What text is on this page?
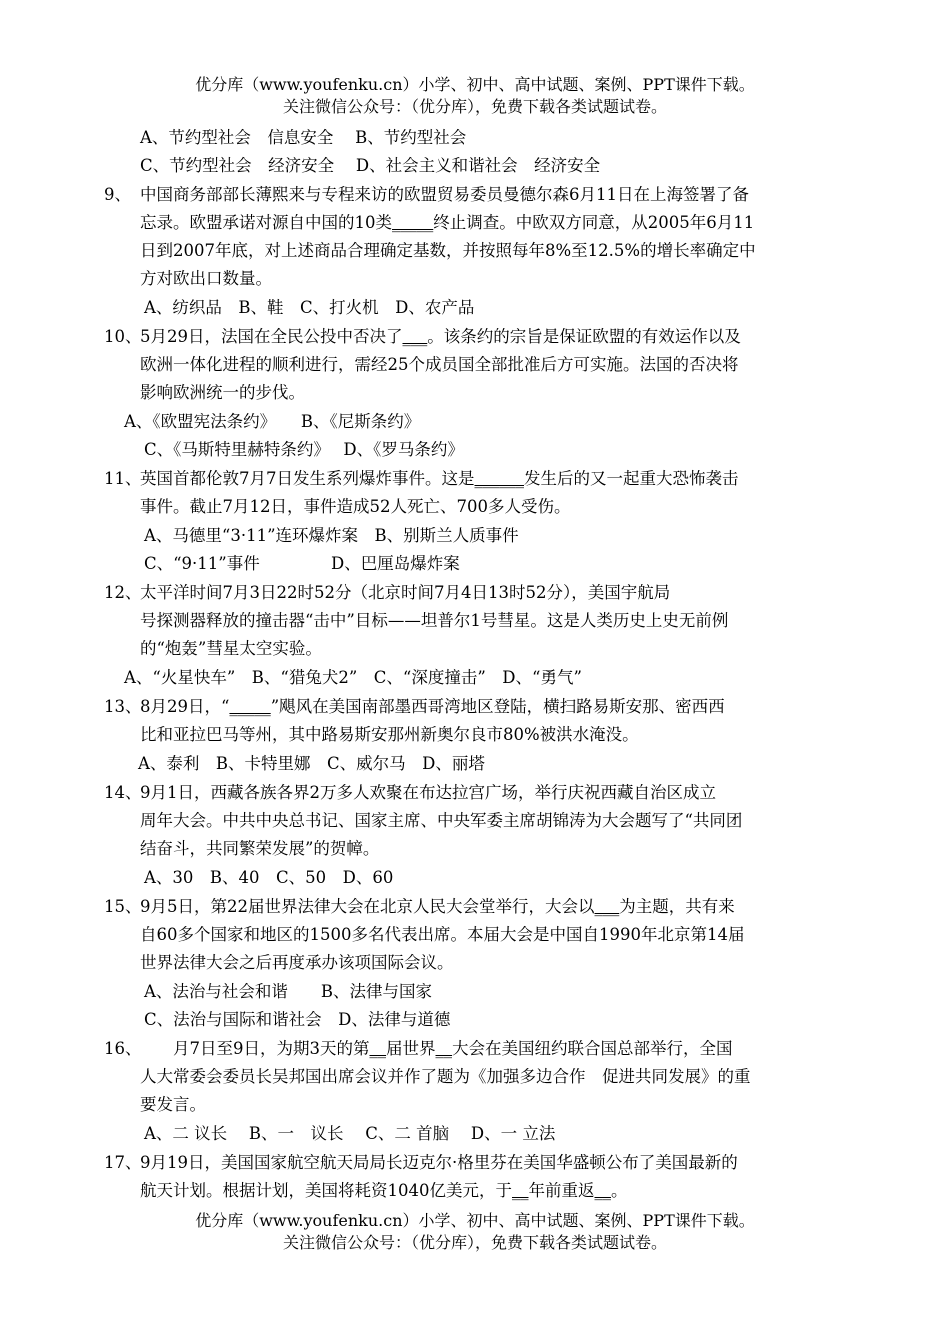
优分库（www.youfenku.cn）小学、初中、高中试题、案例、PPT课件下载。
关注微信公众号：（优分库），免费下载各类试题试卷。
A、节约型社会　信息安全　 B、节约型社会
C、节约型社会　经济安全　 D、社会主义和谐社会　经济安全
9、 中国商务部部长薄熙来与专程来访的欧盟贸易委员曼德尔森6月11日在上海签署了备
忘录。欧盟承诺对源自中国的10类_____终止调查。中欧双方同意，从2005年6月11
日到2007年底，对上述商品合理确定基数，并按照每年8%至12.5%的增长率确定中
方对欧出口数量。
A、纺织品　B、鞋　C、打火机　D、农产品
10、
5月29日，法国在全民公投中否决了___。该条约的宗旨是保证欧盟的有效运作以及
欧洲一体化进程的顺利进行，需经25个成员国全部批准后方可实施。法国的否决将
影响欧洲统一的步伐。
A、《欧盟宪法条约》　　B、《尼斯条约》
C、《马斯特里赫特条约》　 D、《罗马条约》
11、
英国首都伦敦7月7日发生系列爆炸事件。这是______发生后的又一起重大恐怖袭击
事件。截止7月12日，事件造成52人死亡、700多人受伤。
A、马德里“3·11”连环爆炸案　B、别斯兰人质事件
C、“9·11”事件　　　　 D、巴厘岛爆炸案
12、
太平洋时间7月3日22时52分（北京时间7月4日13时52分），美国宇航局
号探测器释放的撞击器“击中”目标——坦普尔1号彗星。这是人类历史上史无前例
的“炮轰”彗星太空实验。
A、“火星快车”　B、“猎兔犬2”　C、“深度撞击”　D、“勇气”
13、
8月29日，“_____”飓风在美国南部墨西哥湾地区登陆，横扫路易斯安那、密西西
比和亚拉巴马等州，其中路易斯安那州新奥尔良市80%被洪水淹没。
A、泰利　B、卡特里娜　C、威尔马　D、丽塔
14、
9月1日，西藏各族各界2万多人欢聚在布达拉宫广场，举行庆祝西藏自治区成立
周年大会。中共中央总书记、国家主席、中央军委主席胡锦涛为大会题写了“共同团
结奋斗，共同繁荣发展”的贺幛。
A、30　B、40　C、50　D、60
15、
9月5日，第22届世界法律大会在北京人民大会堂举行，大会以___为主题，共有来
自60多个国家和地区的1500多名代表出席。本届大会是中国自1990年北京第14届
世界法律大会之后再度承办该项国际会议。
A、法治与社会和谐　　B、法律与国家
C、法治与国际和谐社会　D、法律与道德
16、
　　月7日至9日，为期3天的第__届世界__大会在美国纽约联合国总部举行，全国
人大常委会委员长吴邦国出席会议并作了题为《加强多边合作　促进共同发展》的重
要发言。
A、二 议长　 B、一　议长　 C、二 首脑　 D、一 立法
17、
9月19日，美国国家航空航天局局长迈克尔·格里芬在美国华盛顿公布了美国最新的
航天计划。根据计划，美国将耗资1040亿美元，于__年前重返__。
优分库（www.youfenku.cn）小学、初中、高中试题、案例、PPT课件下载。
关注微信公众号：（优分库），免费下载各类试题试卷。
